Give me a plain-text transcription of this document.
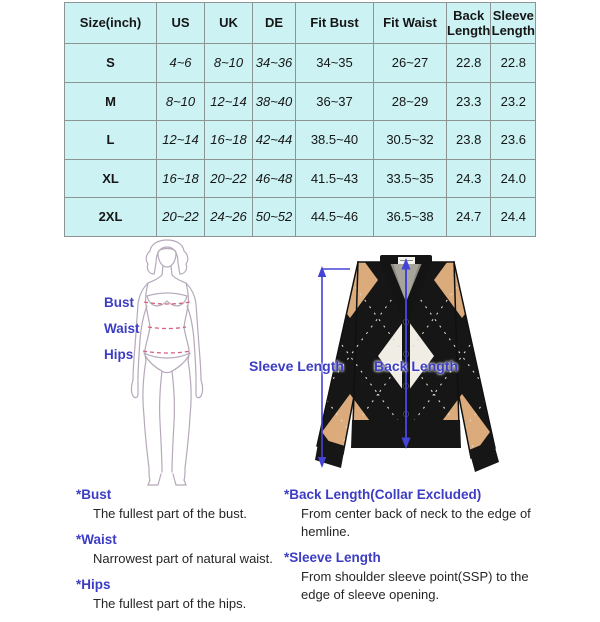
Size(inch)	US	UK	DE	Fit Bust	Fit Waist	Back Length	Sleeve Length
S	4~6	8~10	34~36	34~35	26~27	22.8	22.8
M	8~10	12~14	38~40	36~37	28~29	23.3	23.2
L	12~14	16~18	42~44	38.5~40	30.5~32	23.8	23.6
XL	16~18	20~22	46~48	41.5~43	33.5~35	24.3	24.0
2XL	20~22	24~26	50~52	44.5~46	36.5~38	24.7	24.4
Bust
Waist
Hips
Sleeve Length Back Length
*Bust
The fullest part of the bust.
*Waist
Narrowest part of natural waist.
*Hips
The fullest part of the hips.
*Back Length(Collar Excluded)
From center back of neck to the edge of hemline.
*Sleeve Length
From shoulder sleeve point(SSP) to the edge of sleeve opening.
